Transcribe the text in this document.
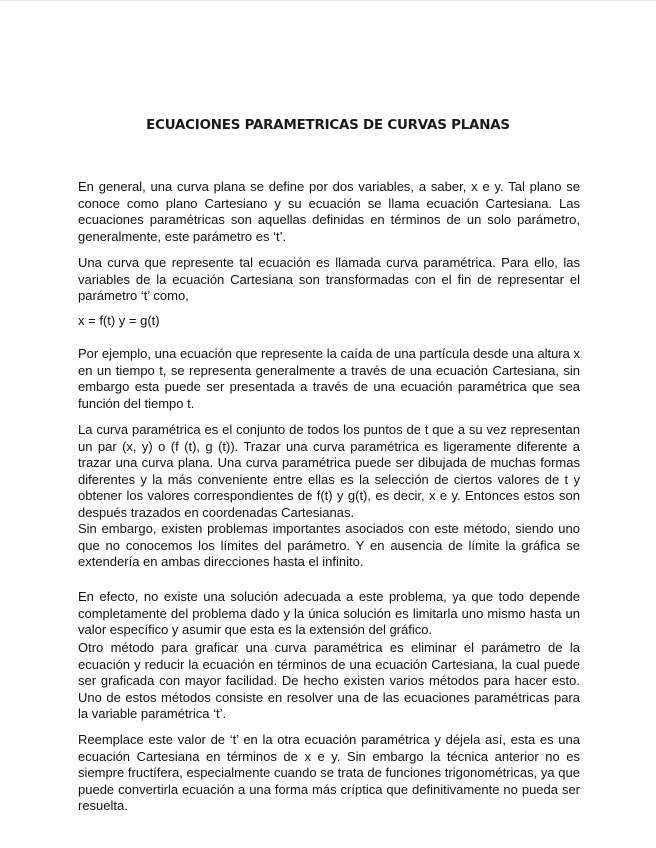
ECUACIONES PARAMETRICAS DE CURVAS PLANAS

En general, una curva plana se define por dos variables, a saber, x e y. Tal plano se conoce como plano Cartesiano y su ecuación se llama ecuación Cartesiana. Las ecuaciones paramétricas son aquellas definidas en términos de un solo parámetro, generalmente, este parámetro es ‘t’.

Una curva que represente tal ecuación es llamada curva paramétrica. Para ello, las variables de la ecuación Cartesiana son transformadas con el fin de representar el parámetro ‘t’ como,

x = f(t) y = g(t)

Por ejemplo, una ecuación que represente la caída de una partícula desde una altura x en un tiempo t, se representa generalmente a través de una ecuación Cartesiana, sin embargo esta puede ser presentada a través de una ecuación paramétrica que sea función del tiempo t.

La curva paramétrica es el conjunto de todos los puntos de t que a su vez representan un par (x, y) o (f (t), g (t)). Trazar una curva paramétrica es ligeramente diferente a trazar una curva plana. Una curva paramétrica puede ser dibujada de muchas formas diferentes y la más conveniente entre ellas es la selección de ciertos valores de t y obtener los valores correspondientes de f(t) y g(t), es decir, x e y. Entonces estos son después trazados en coordenadas Cartesianas.

Sin embargo, existen problemas importantes asociados con este método, siendo uno que no conocemos los límites del parámetro. Y en ausencia de límite la gráfica se extendería en ambas direcciones hasta el infinito.

En efecto, no existe una solución adecuada a este problema, ya que todo depende completamente del problema dado y la única solución es limitarla uno mismo hasta un valor específico y asumir que esta es la extensión del gráfico.

Otro método para graficar una curva paramétrica es eliminar el parámetro de la ecuación y reducir la ecuación en términos de una ecuación Cartesiana, la cual puede ser graficada con mayor facilidad. De hecho existen varios métodos para hacer esto. Uno de estos métodos consiste en resolver una de las ecuaciones paramétricas para la variable paramétrica ‘t’.

Reemplace este valor de ‘t’ en la otra ecuación paramétrica y déjela así, esta es una ecuación Cartesiana en términos de x e y. Sin embargo la técnica anterior no es siempre fructífera, especialmente cuando se trata de funciones trigonométricas, ya que puede convertirla ecuación a una forma más críptica que definitivamente no pueda ser resuelta.
